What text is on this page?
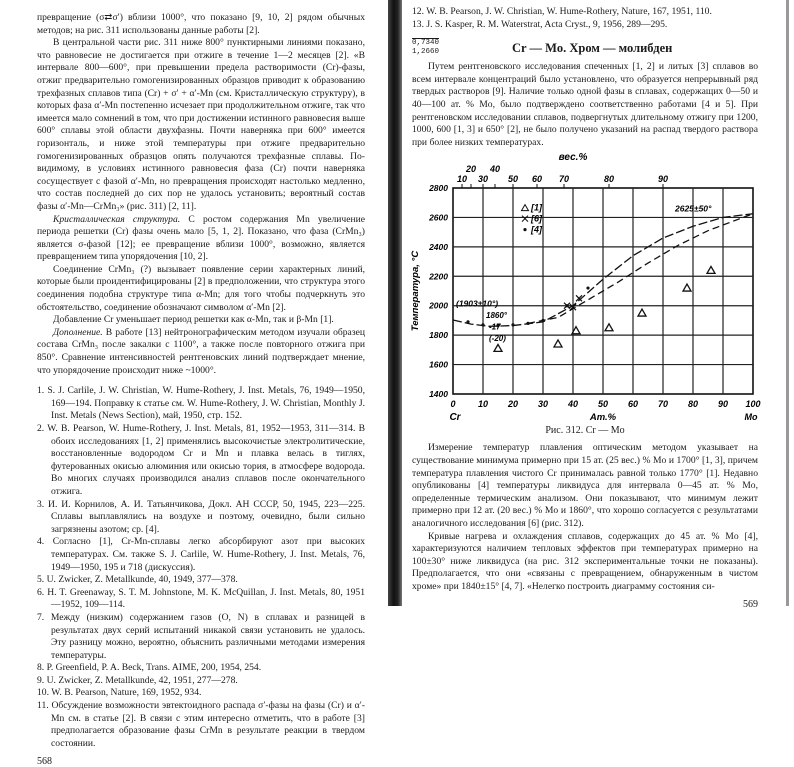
превращение (σ⇄σ′) вблизи 1000°, что показано [9, 10, 2] рядом обычных методов; на рис. 311 использованы данные работы [2].

В центральной части рис. 311 ниже 800° пунктирными линиями показано, что равновесие не достигается при отжиге в течение 1—2 месяцев [2]. «В интервале 800—600°, при превышении предела растворимости (Cr)-фазы, отжиг предварительно гомогенизированных образцов приводит к образованию трехфазных сплавов типа (Cr) + σ′ + α′-Mn (см. Кристаллическую структуру), в которых фаза α′-Mn постепенно исчезает при продолжительном отжиге, так что имеется мало сомнений в том, что при достижении истинного равновесия выше 600° сплавы этой области двухфазны. Почти наверняка при 600° имеется горизонталь, и ниже этой температуры при отжиге предварительно гомогенизированных образцов опять получаются трехфазные сплавы. По-видимому, в условиях истинного равновесия фаза (Cr) почти наверняка сосуществует с фазой α′-Mn, но превращения происходят настолько медленно, что состав последней до сих пор не удалось установить; вероятный состав фазы α′-Mn—CrMn₃» (рис. 311) [2, 11].

Кристаллическая структура. С ростом содержания Mn увеличение периода решетки (Cr) фазы очень мало [5, 1, 2]. Показано, что фаза (CrMn₃) является σ-фазой [12]; ее превращение вблизи 1000°, возможно, является превращением типа упорядочения [10, 2].

Соединение CrMn₃ (?) вызывает появление серии характерных линий, которые были проидентифицированы [2] в предположении, что структура этого соединения подобна структуре типа α-Mn; для того чтобы подчеркнуть это обстоятельство, соединение обозначают символом α′-Mn [2].

Добавление Cr уменьшает период решетки как α-Mn, так и β-Mn [1].

Дополнение. В работе [13] нейтронографическим методом изучали образец состава CrMn₃ после закалки с 1100°, а также после повторного отжига при 850°. Сравнение интенсивностей рентгеновских линий подтверждает мнение, что упорядочение происходит ниже ~1000°.

1. S. J. Carlile, J. W. Christian, W. Hume-Rothery, J. Inst. Metals, 76, 1949—1950, 169—194. Поправку к статье см. W. Hume-Rothery, J. W. Christian, Monthly J. Inst. Metals (News Section), май, 1950, стр. 152.

2. W. B. Pearson, W. Hume-Rothery, J. Inst. Metals, 81, 1952—1953, 311—314. В обоих исследованиях [1, 2] применялись высокочистые электролитические, восстановленные водородом Cr и Mn и плавка велась в тиглях, футерованных окисью алюминия или окисью тория, в атмосфере водорода. Во многих случаях производился анализ сплавов после окончательного отжига.

3. И. И. Корнилов, А. И. Татьянчикова, Докл. АН СССР, 50, 1945, 223—225. Сплавы выплавлялись на воздухе и поэтому, очевидно, были сильно загрязнены азотом; ср. [4].

4. Согласно [1], Cr-Mn-сплавы легко абсорбируют азот при высоких температурах. См. также S. J. Carlile, W. Hume-Rothery, J. Inst. Metals, 76, 1949—1950, 195 и 718 (дискуссия).

5. U. Zwicker, Z. Metallkunde, 40, 1949, 377—378.

6. H. T. Greenaway, S. T. M. Johnstone, M. K. McQuillan, J. Inst. Metals, 80, 1951—1952, 109—114.

7. Между (низким) содержанием газов (O, N) в сплавах и разницей в результатах двух серий испытаний никакой связи установить не удалось. Эту разницу можно, вероятно, объяснить различными методами измерения температуры.

8. P. Greenfield, P. A. Beck, Trans. AIME, 200, 1954, 254.

9. U. Zwicker, Z. Metallkunde, 42, 1951, 277—278.

10. W. B. Pearson, Nature, 169, 1952, 934.

11. Обсуждение возможности эвтектоидного распада σ′-фазы на фазы (Cr) и α′-Mn см. в статье [2]. В связи с этим интересно отметить, что в работе [3] предполагается образование фазы CrMn в результате реакции в твердом состоянии.

568

12. W. B. Pearson, J. W. Christian, W. Hume-Rothery, Nature, 167, 1951, 110.

13. J. S. Kasper, R. M. Waterstrat, Acta Cryst., 9, 1956, 289—295.

0,7340
1,2660	Cr — Mo. Хром — молибден

Путем рентгеновского исследования спеченных [1, 2] и литых [3] сплавов во всем интервале концентраций было установлено, что образуется непрерывный ряд твердых растворов [9]. Наличие только одной фазы в сплавах, содержащих 0—50 и 40—100 ат. % Mo, было подтверждено соответственно работами [4 и 5]. При рентгеновском исследовании сплавов, подвергнутых длительному отжигу при 1200, 1000, 600 [1, 3] и 650° [2], не было получено указаний на распад твердого раствора при более низких температурах.

0 10 20 30 40 50 60 70 80 90 100
1400
1600
1800
2000
2200
2400
2600
2800
10
20
30
40
50 60 70	80	90
вес.%
Ат.%
Cr	Mo
Температура, °С
[1]
[6]
[4]
(1903±10°)
1860°
-17
(-20)
2625±50°
Рис. 312. Cr — Mo

Измерение температур плавления оптическим методом указывает на существование минимума примерно при 15 ат. (25 вес.) % Mo и 1700° [1, 3], причем температура плавления чистого Cr принималась равной только 1770° [1]. Недавно опубликованы [4] температуры ликвидуса для интервала 0—45 ат. % Mo, определенные термическим анализом. Они показывают, что минимум лежит примерно при 12 ат. (20 вес.) % Mo и 1860°, что хорошо согласуется с результатами аналогичного исследования [6] (рис. 312).

Кривые нагрева и охлаждения сплавов, содержащих до 45 ат. % Mo [4], характеризуются наличием тепловых эффектов при температурах примерно на 100±30° ниже ликвидуса (на рис. 312 экспериментальные точки не показаны). Предполагается, что они «связаны с превращением, обнаруженным в чистом хроме» при 1840±15° [4, 7]. «Нелегко построить диаграмму состояния си-

569
